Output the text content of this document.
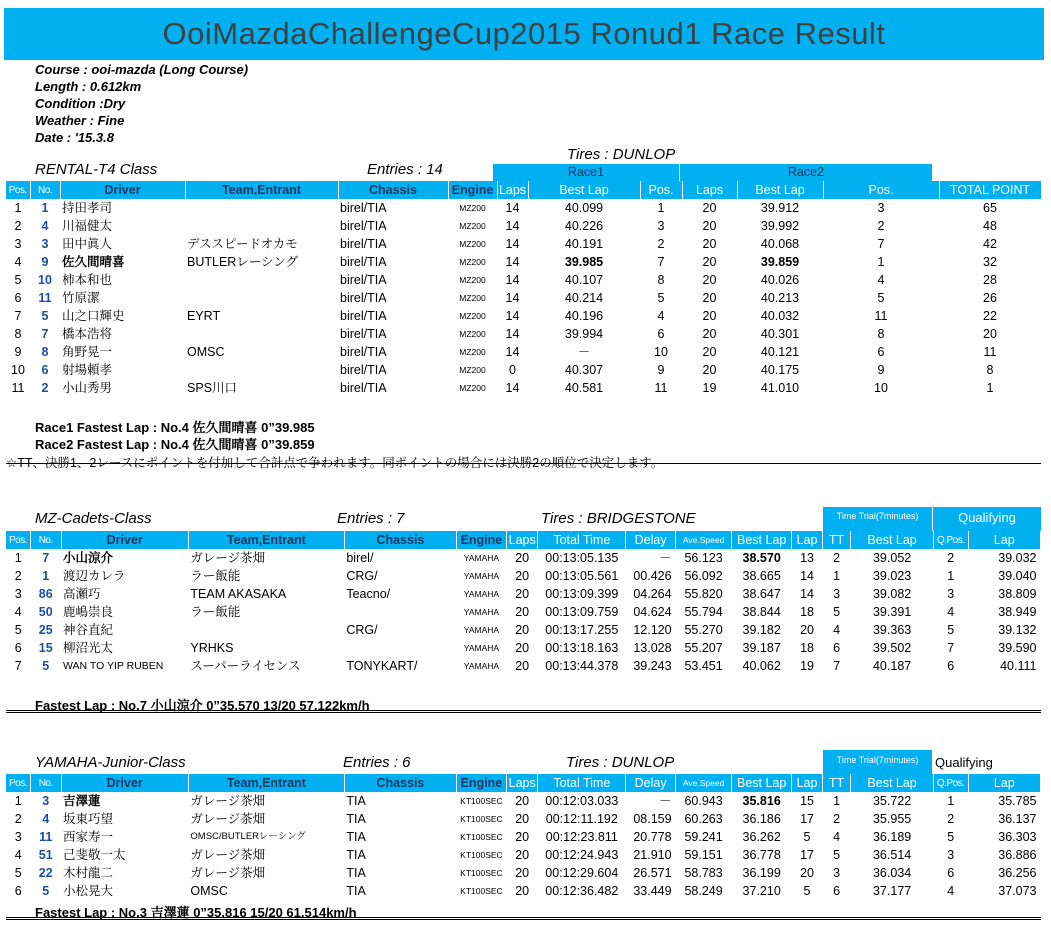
OoiMazdaChallengeCup2015 Ronud1 Race Result
Course : ooi-mazda (Long Course)
Length : 0.612km
Condition :Dry
Weather : Fine
Date : '15.3.8
RENTAL-T4 Class	Entries : 14
Tires : DUNLOP
Race1	Race2
Pos.	No.	Driver	Team,Entrant	Chassis	Engine	Laps	Best Lap	Pos.	Laps	Best Lap	Pos.	TOTAL POINT
1	1	持田孝司		birel/TIA	MZ200	14	40.099	1	20	39.912	3	65
2	4	川福健太		birel/TIA	MZ200	14	40.226	3	20	39.992	2	48
3	3	田中眞人	デススピードオカモ	birel/TIA	MZ200	14	40.191	2	20	40.068	7	42
4	9	佐久間晴喜	BUTLERレーシング	birel/TIA	MZ200	14	39.985	7	20	39.859	1	32
5	10	柿本和也		birel/TIA	MZ200	14	40.107	8	20	40.026	4	28
6	11	竹原潔		birel/TIA	MZ200	14	40.214	5	20	40.213	5	26
7	5	山之口輝史	EYRT	birel/TIA	MZ200	14	40.196	4	20	40.032	11	22
8	7	橋本浩将		birel/TIA	MZ200	14	39.994	6	20	40.301	8	20
9	8	角野晃一	OMSC	birel/TIA	MZ200	14	－	10	20	40.121	6	11
10	6	射場頼孝		birel/TIA	MZ200	0	40.307	9	20	40.175	9	8
11	2	小山秀男	SPS川口	birel/TIA	MZ200	14	40.581	11	19	41.010	10	1
Race1 Fastest Lap : No.4 佐久間晴喜 0”39.985
Race2 Fastest Lap : No.4 佐久間晴喜 0”39.859
☆TT、決勝1、2レースにポイントを付加して合計点で争われます。同ポイントの場合には決勝2の順位で決定します。
MZ-Cadets-Class	Entries : 7	Tires : BRIDGESTONE	Time Trial(7minutes)	Qualifying
Pos.	No.	Driver	Team,Entrant	Chassis	Engine	Laps	Total Time	Delay	Ave.Speed	Best Lap	Lap	TT	Best Lap	Q.Pos.	Lap
1	7	小山涼介	ガレージ茶畑	birel/	YAMAHA	20	00:13:05.135	－	56.123	38.570	13	2	39.052	2	39.032
2	1	渡辺カレラ	ラー飯能	CRG/	YAMAHA	20	00:13:05.561	00.426	56.092	38.665	14	1	39.023	1	39.040
3	86	高瀬巧	TEAM AKASAKA	Teacno/	YAMAHA	20	00:13:09.399	04.264	55.820	38.647	14	3	39.082	3	38.809
4	50	鹿嶋崇良	ラー飯能		YAMAHA	20	00:13:09.759	04.624	55.794	38.844	18	5	39.391	4	38.949
5	25	神谷直紀		CRG/	YAMAHA	20	00:13:17.255	12.120	55.270	39.182	20	4	39.363	5	39.132
6	15	柳沼光太	YRHKS		YAMAHA	20	00:13:18.163	13.028	55.207	39.187	18	6	39.502	7	39.590
7	5	WAN TO YIP RUBEN	スーパーライセンス	TONYKART/	YAMAHA	20	00:13:44.378	39.243	53.451	40.062	19	7	40.187	6	40.111
Fastest Lap : No.7 小山涼介 0”35.570 13/20 57.122km/h
YAMAHA-Junior-Class	Entries : 6	Tires : DUNLOP	Time Trial(7minutes)	Qualifying
Pos.	No.	Driver	Team,Entrant	Chassis	Engine	Laps	Total Time	Delay	Ave.Speed	Best Lap	Lap	TT	Best Lap	Q.Pos.	Lap
1	3	吉澤蓮	ガレージ茶畑	TIA	KT100SEC	20	00:12:03.033	－	60.943	35.816	15	1	35.722	1	35.785
2	4	坂東巧望	ガレージ茶畑	TIA	KT100SEC	20	00:12:11.192	08.159	60.263	36.186	17	2	35.955	2	36.137
3	11	西家寿一	OMSC/BUTLERレーシング	TIA	KT100SEC	20	00:12:23.811	20.778	59.241	36.262	5	4	36.189	5	36.303
4	51	己斐敬一太	ガレージ茶畑	TIA	KT100SEC	20	00:12:24.943	21.910	59.151	36.778	17	5	36.514	3	36.886
5	22	木村龍二	ガレージ茶畑	TIA	KT100SEC	20	00:12:29.604	26.571	58.783	36.199	20	3	36.034	6	36.256
6	5	小松晃大	OMSC	TIA	KT100SEC	20	00:12:36.482	33.449	58.249	37.210	5	6	37.177	4	37.073
Fastest Lap : No.3 吉澤蓮 0”35.816 15/20 61.514km/h
